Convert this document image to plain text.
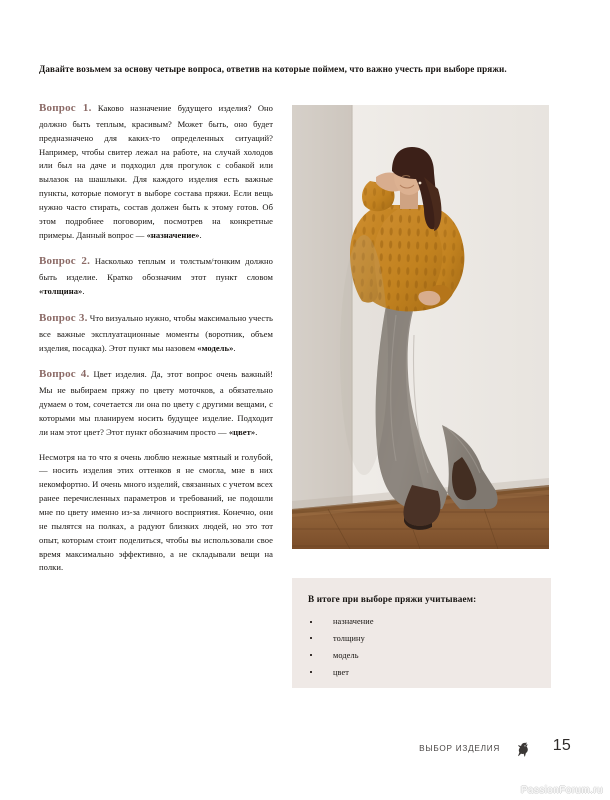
Давайте возьмем за основу четыре вопроса, ответив на которые поймем, что важно учесть при выборе пряжи.

Вопрос 1. Каково назначение будущего изделия? Оно должно быть теплым, красивым? Может быть, оно будет предназначено для каких-то определенных ситуаций? Например, чтобы свитер лежал на работе, на случай холодов или был на даче и подходил для прогулок с собакой или вылазок на шашлыки. Для каждого изделия есть важные пункты, которые помогут в выборе состава пряжи. Если вещь нужно часто стирать, состав должен быть к этому готов. Об этом подробнее поговорим, посмотрев на конкретные примеры. Данный вопрос — «назначение».

Вопрос 2. Насколько теплым и толстым/тонким должно быть изделие. Кратко обозначим этот пункт словом «толщина».

Вопрос 3. Что визуально нужно, чтобы максимально учесть все важные эксплуатационные моменты (воротник, объем изделия, посадка). Этот пункт мы назовем «модель».

Вопрос 4. Цвет изделия. Да, этот вопрос очень важный! Мы не выбираем пряжу по цвету моточков, а обязательно думаем о том, сочетается ли она по цвету с другими вещами, с которыми мы планируем носить будущее изделие. Подходит ли нам этот цвет? Этот пункт обозначим просто — «цвет».

Несмотря на то что я очень люблю нежные мятный и голубой, — носить изделия этих оттенков я не смогла, мне в них некомфортно. И очень много изделий, связанных с учетом всех ранее перечисленных параметров и требований, не подошли мне по цвету именно из-за личного восприятия. Конечно, они не пылятся на полках, а радуют близких людей, но это тот опыт, которым стоит поделиться, чтобы вы использовали свое время максимально эффективно, а не складывали вещи на полки.

В итоге при выборе пряжи учитываем:
назначение
толщину
модель
цвет
ВЫБОР ИЗДЕЛИЯ	15
PassionForum.ru
